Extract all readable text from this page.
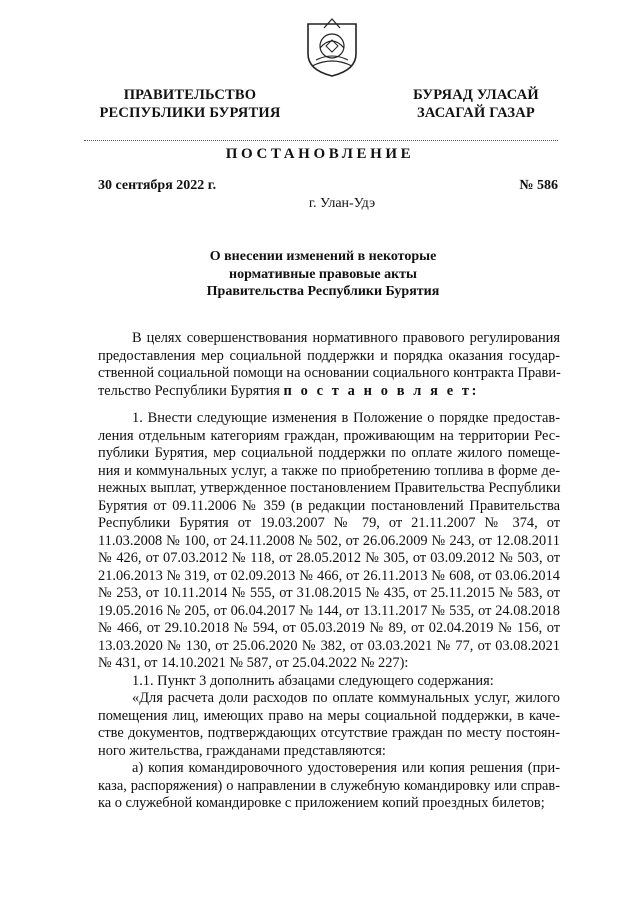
ПРАВИТЕЛЬСТВО
РЕСПУБЛИКИ БУРЯТИЯ
БУРЯАД УЛАСАЙ
ЗАСАГАЙ ГАЗАР
ПОСТАНОВЛЕНИЕ
30 сентября 2022 г.	№ 586
г. Улан-Удэ
О внесении изменений в некоторые
нормативные правовые акты
Правительства Республики Бурятия
В целях совершенствования нормативного правового регулирования
предоставления мер социальной поддержки и порядка оказания государ-
ственной социальной помощи на основании социального контракта Прави-
тельство Республики Бурятия п о с т а н о в л я е т:
1. Внести следующие изменения в Положение о порядке предостав-
ления отдельным категориям граждан, проживающим на территории Рес-
публики Бурятия, мер социальной поддержки по оплате жилого помеще-
ния и коммунальных услуг, а также по приобретению топлива в форме де-
нежных выплат, утвержденное постановлением Правительства Республики
Бурятия от 09.11.2006 № 359 (в редакции постановлений Правительства
Республики Бурятия от 19.03.2007 № 79, от 21.11.2007 № 374, от
11.03.2008 № 100, от 24.11.2008 № 502, от 26.06.2009 № 243, от 12.08.2011
№ 426, от 07.03.2012 № 118, от 28.05.2012 № 305, от 03.09.2012 № 503, от
21.06.2013 № 319, от 02.09.2013 № 466, от 26.11.2013 № 608, от 03.06.2014
№ 253, от 10.11.2014 № 555, от 31.08.2015 № 435, от 25.11.2015 № 583, от
19.05.2016 № 205, от 06.04.2017 № 144, от 13.11.2017 № 535, от 24.08.2018
№ 466, от 29.10.2018 № 594, от 05.03.2019 № 89, от 02.04.2019 № 156, от
13.03.2020 № 130, от 25.06.2020 № 382, от 03.03.2021 № 77, от 03.08.2021
№ 431, от 14.10.2021 № 587, от 25.04.2022 № 227):
1.1. Пункт 3 дополнить абзацами следующего содержания:
«Для расчета доли расходов по оплате коммунальных услуг, жилого
помещения лиц, имеющих право на меры социальной поддержки, в каче-
стве документов, подтверждающих отсутствие граждан по месту постоян-
ного жительства, гражданами представляются:
а) копия командировочного удостоверения или копия решения (при-
каза, распоряжения) о направлении в служебную командировку или справ-
ка о служебной командировке с приложением копий проездных билетов;
